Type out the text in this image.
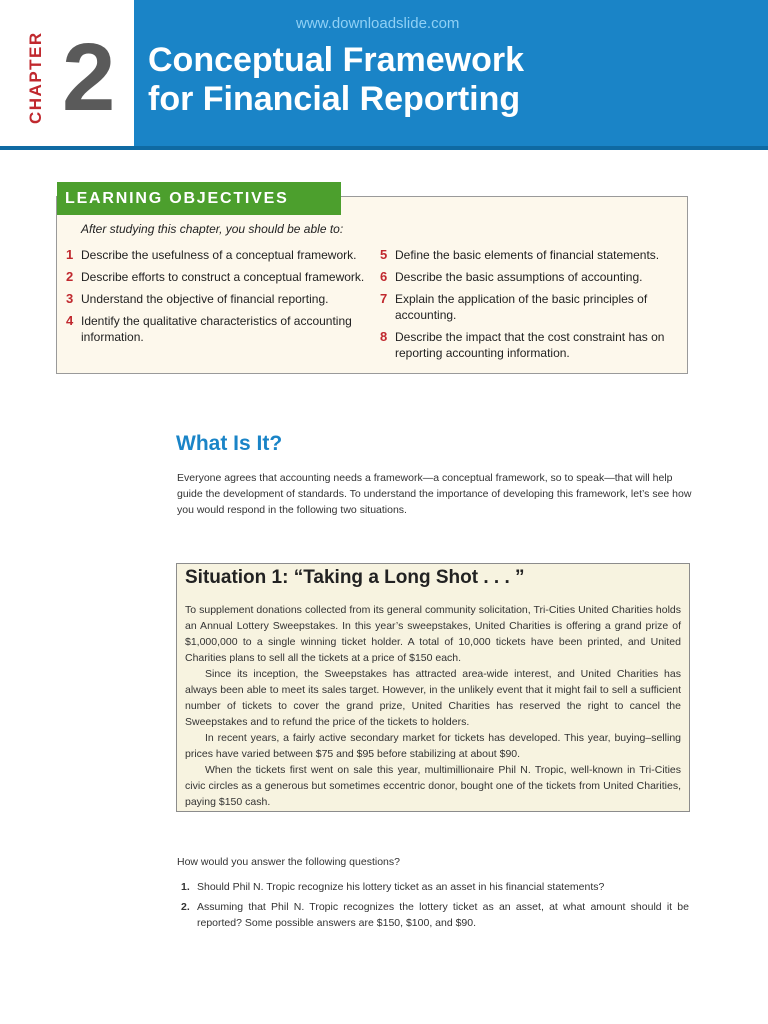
CHAPTER 2
www.downloadslide.com
Conceptual Framework
for Financial Reporting
LEARNING OBJECTIVES
After studying this chapter, you should be able to:
1 Describe the usefulness of a conceptual framework.
2 Describe efforts to construct a conceptual framework.
3 Understand the objective of financial reporting.
4 Identify the qualitative characteristics of accounting information.
5 Define the basic elements of financial statements.
6 Describe the basic assumptions of accounting.
7 Explain the application of the basic principles of accounting.
8 Describe the impact that the cost constraint has on reporting accounting information.
What Is It?

Everyone agrees that accounting needs a framework—a conceptual framework, so to speak—that will help guide the development of standards. To understand the importance of developing this framework, let’s see how you would respond in the following two situations.

Situation 1: “Taking a Long Shot . . . ”

To supplement donations collected from its general community solicitation, Tri-Cities United Charities holds an Annual Lottery Sweepstakes. In this year’s sweepstakes, United Charities is offering a grand prize of $1,000,000 to a single winning ticket holder. A total of 10,000 tickets have been printed, and United Charities plans to sell all the tickets at a price of $150 each.

Since its inception, the Sweepstakes has attracted area-wide interest, and United Charities has always been able to meet its sales target. However, in the unlikely event that it might fail to sell a sufficient number of tickets to cover the grand prize, United Charities has reserved the right to cancel the Sweepstakes and to refund the price of the tickets to holders.

In recent years, a fairly active secondary market for tickets has developed. This year, buying–selling prices have varied between $75 and $95 before stabilizing at about $90.

When the tickets first went on sale this year, multimillionaire Phil N. Tropic, well-known in Tri-Cities civic circles as a generous but sometimes eccentric donor, bought one of the tickets from United Charities, paying $150 cash.

How would you answer the following questions?

1. Should Phil N. Tropic recognize his lottery ticket as an asset in his financial statements?
2. Assuming that Phil N. Tropic recognizes the lottery ticket as an asset, at what amount should it be reported? Some possible answers are $150, $100, and $90.
